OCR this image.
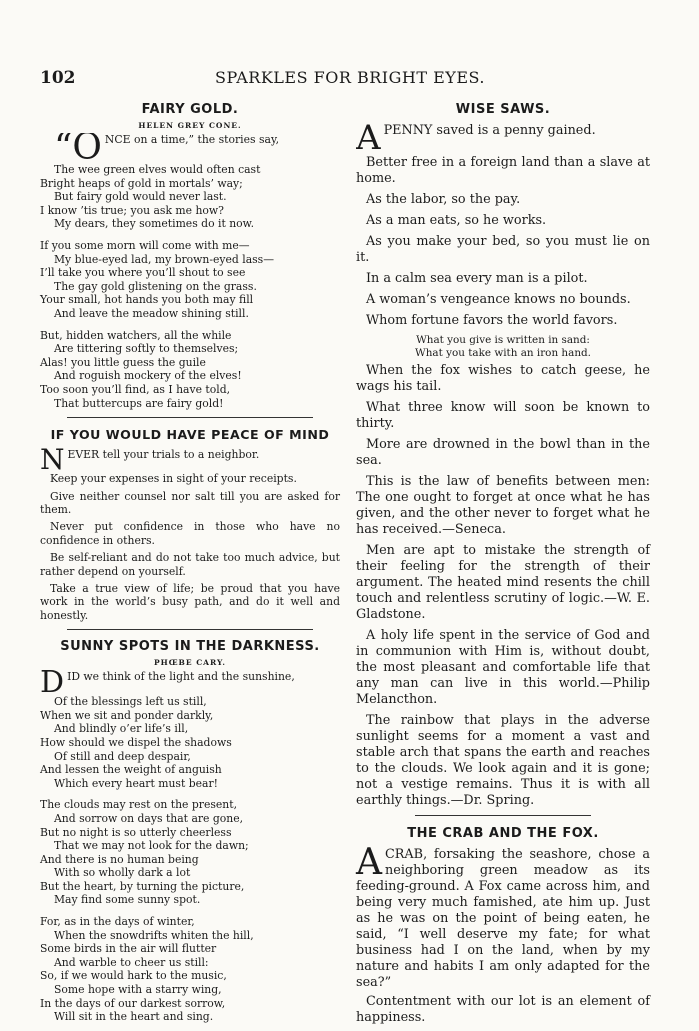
102	SPARKLES FOR BRIGHT EYES.
FAIRY GOLD.
HELEN GREY CONE.
“O NCE on a time,” the stories say,
The wee green elves would often cast
Bright heaps of gold in mortals’ way;
But fairy gold would never last.
I know ’tis true; you ask me how?
My dears, they sometimes do it now.
If you some morn will come with me—
My blue-eyed lad, my brown-eyed lass—
I’ll take you where you’ll shout to see
The gay gold glistening on the grass.
Your small, hot hands you both may fill
And leave the meadow shining still.
But, hidden watchers, all the while
Are tittering softly to themselves;
Alas! you little guess the guile
And roguish mockery of the elves!
Too soon you’ll find, as I have told,
That buttercups are fairy gold!
IF YOU WOULD HAVE PEACE OF MIND
N EVER tell your trials to a neighbor.

Keep your expenses in sight of your receipts.

Give neither counsel nor salt till you are asked for them.

Never put confidence in those who have no confidence in others.

Be self-reliant and do not take too much advice, but rather depend on yourself.

Take a true view of life; be proud that you have work in the world’s busy path, and do it well and honestly.

SUNNY SPOTS IN THE DARKNESS.
PHŒBE CARY.
D ID we think of the light and the sunshine,
Of the blessings left us still,
When we sit and ponder darkly,
And blindly o’er life’s ill,
How should we dispel the shadows
Of still and deep despair,
And lessen the weight of anguish
Which every heart must bear!
The clouds may rest on the present,
And sorrow on days that are gone,
But no night is so utterly cheerless
That we may not look for the dawn;
And there is no human being
With so wholly dark a lot
But the heart, by turning the picture,
May find some sunny spot.
For, as in the days of winter,
When the snowdrifts whiten the hill,
Some birds in the air will flutter
And warble to cheer us still:
So, if we would hark to the music,
Some hope with a starry wing,
In the days of our darkest sorrow,
Will sit in the heart and sing.
WISE SAWS.
A PENNY saved is a penny gained.

Better free in a foreign land than a slave at home.

As the labor, so the pay.

As a man eats, so he works.

As you make your bed, so you must lie on it.

In a calm sea every man is a pilot.

A woman’s vengeance knows no bounds.

Whom fortune favors the world favors.

What you give is written in sand:
What you take with an iron hand.

When the fox wishes to catch geese, he wags his tail.

What three know will soon be known to thirty.

More are drowned in the bowl than in the sea.

This is the law of benefits between men: The one ought to forget at once what he has given, and the other never to forget what he has received.—Seneca.

Men are apt to mistake the strength of their feeling for the strength of their argument. The heated mind resents the chill touch and relentless scrutiny of logic.—W. E. Gladstone.

A holy life spent in the service of God and in communion with Him is, without doubt, the most pleasant and comfortable life that any man can live in this world.—Philip Melancthon.

The rainbow that plays in the adverse sunlight seems for a moment a vast and stable arch that spans the earth and reaches to the clouds. We look again and it is gone; not a vestige remains. Thus it is with all earthly things.—Dr. Spring.

THE CRAB AND THE FOX.

A CRAB, forsaking the seashore, chose a neighboring green meadow as its feeding-ground. A Fox came across him, and being very much famished, ate him up. Just as he was on the point of being eaten, he said, “I well deserve my fate; for what business had I on the land, when by my nature and habits I am only adapted for the sea?”

Contentment with our lot is an element of happiness.
